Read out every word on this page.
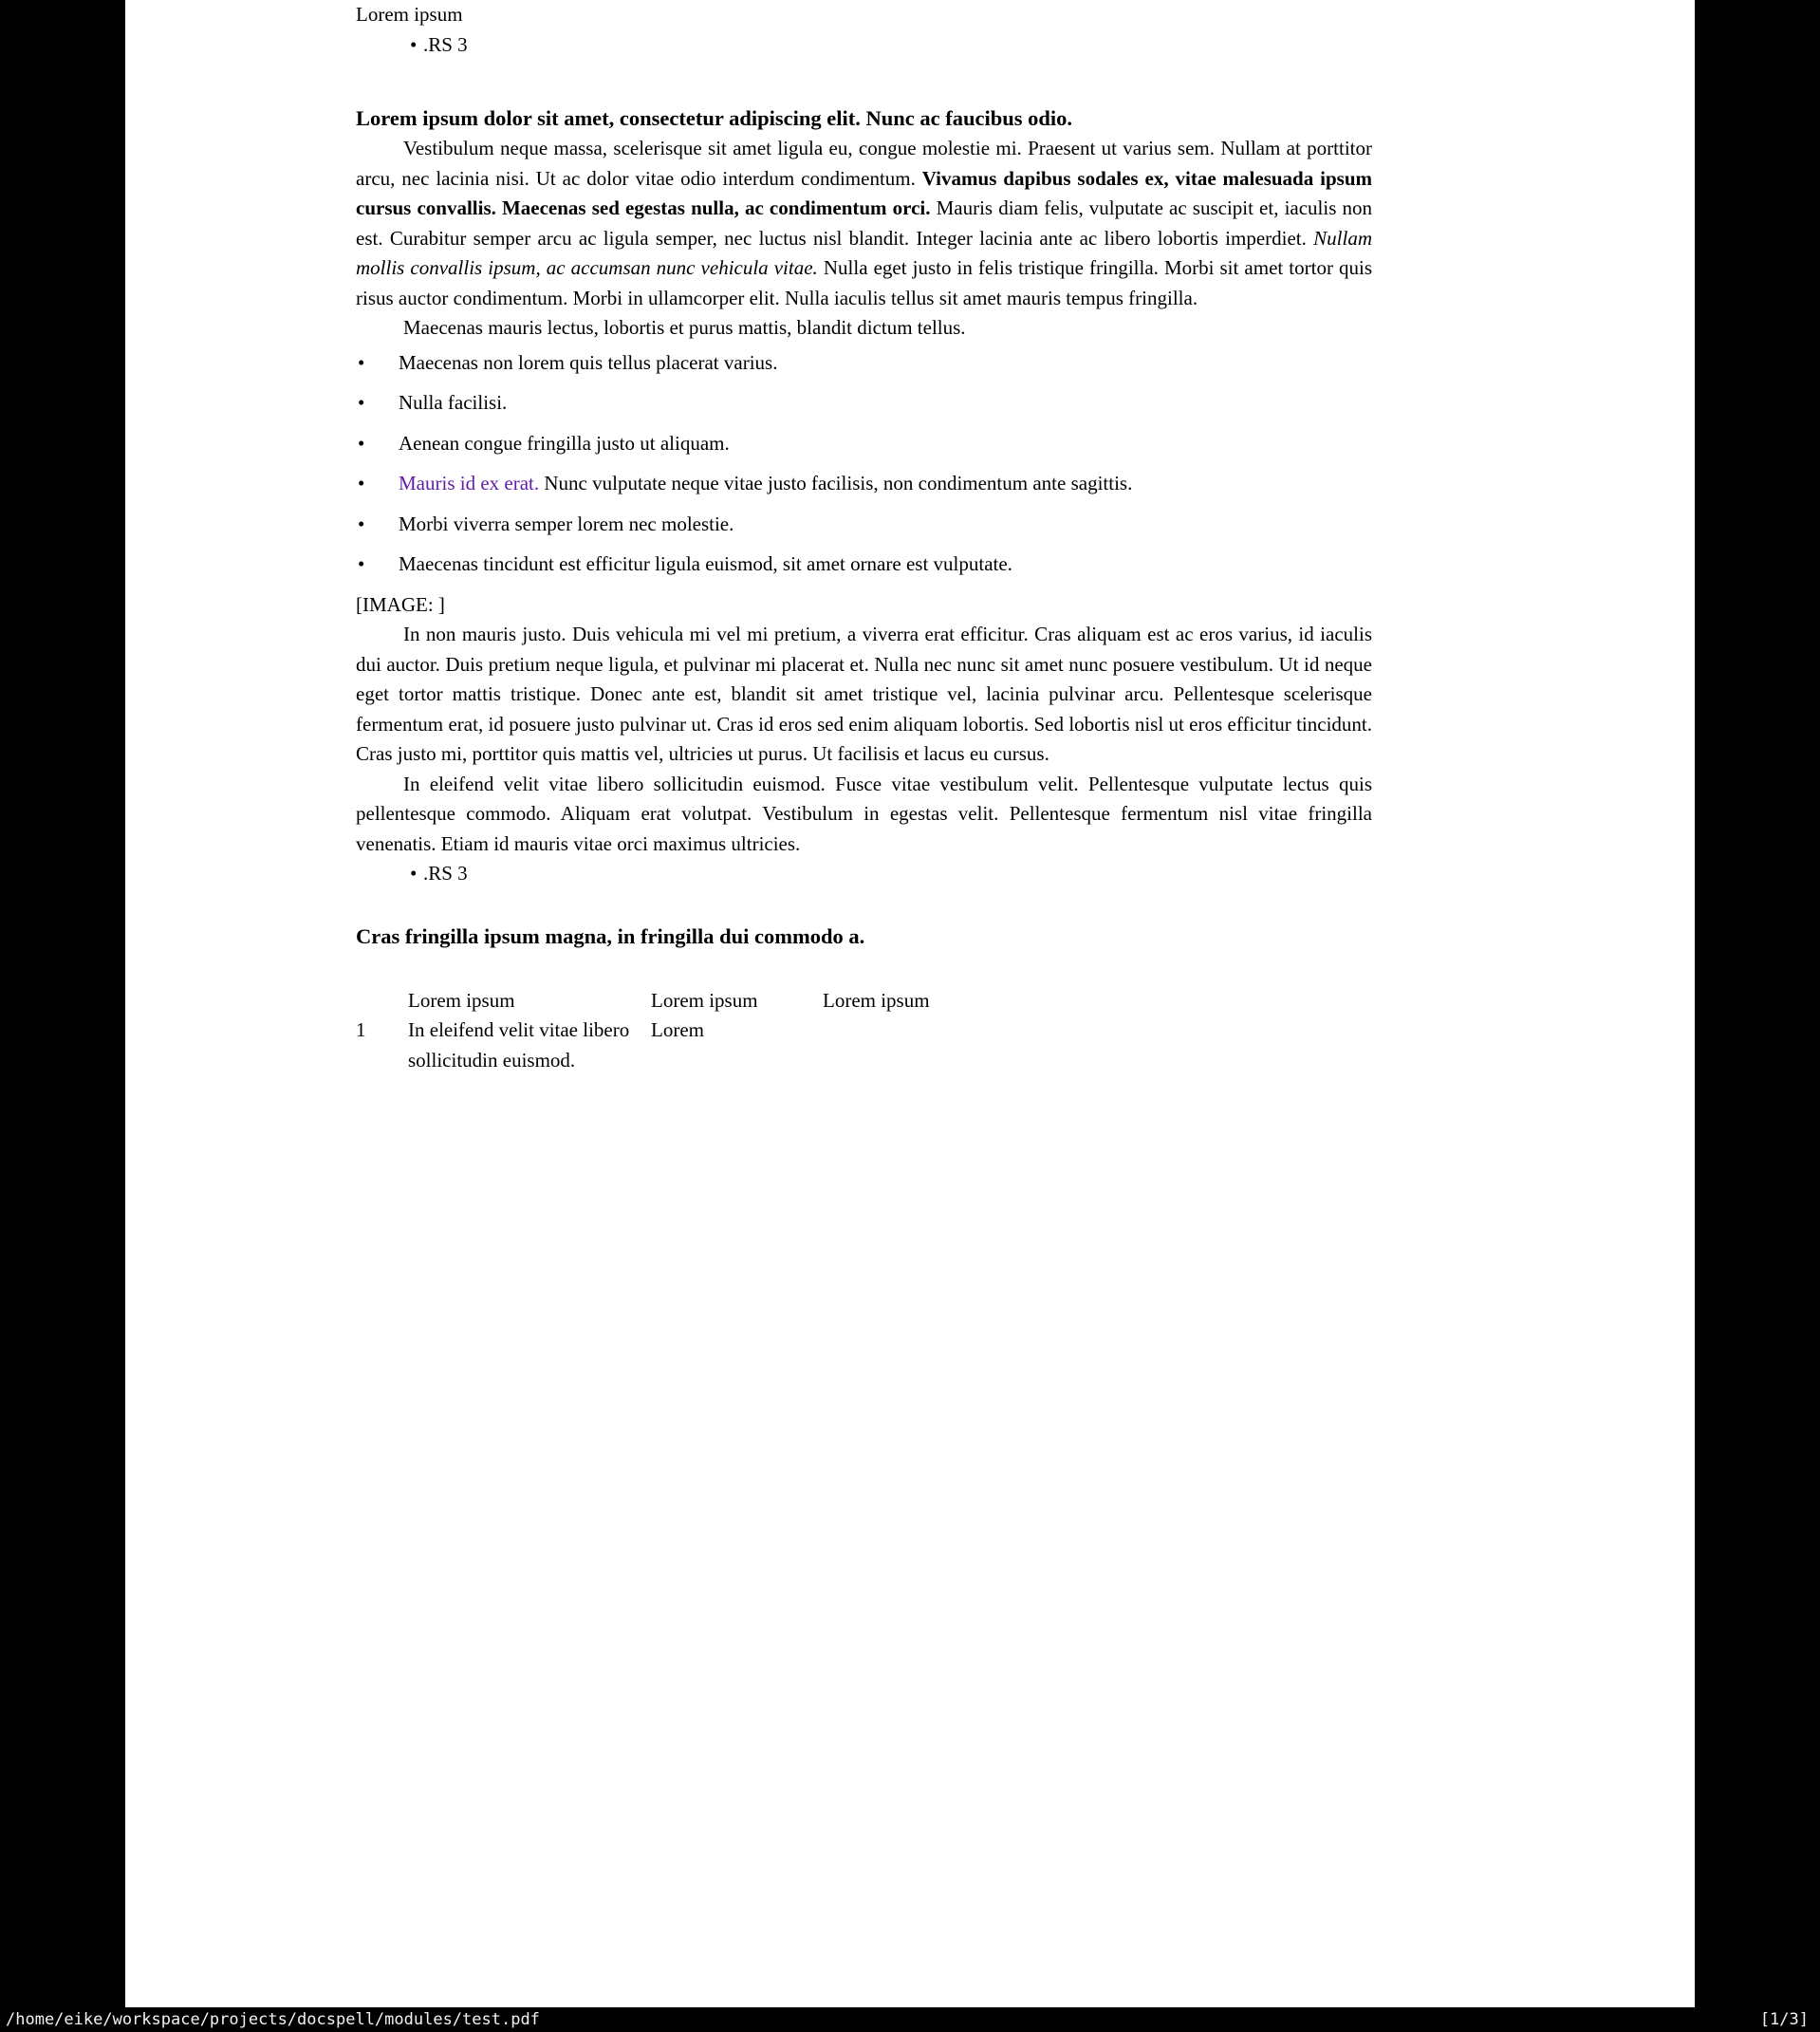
Lorem ipsum

• .RS 3

Lorem ipsum dolor sit amet, consectetur adipiscing elit. Nunc ac faucibus odio.

Vestibulum neque massa, scelerisque sit amet ligula eu, congue molestie mi. Praesent ut varius sem. Nullam at porttitor arcu, nec lacinia nisi. Ut ac dolor vitae odio interdum condimentum. Vivamus dapibus sodales ex, vitae malesuada ipsum cursus convallis. Maecenas sed egestas nulla, ac condimentum orci. Mauris diam felis, vulputate ac suscipit et, iaculis non est. Curabitur semper arcu ac ligula semper, nec luctus nisl blandit. Integer lacinia ante ac libero lobortis imperdiet. Nullam mollis convallis ipsum, ac accumsan nunc vehicula vitae. Nulla eget justo in felis tristique fringilla. Morbi sit amet tortor quis risus auctor condimentum. Morbi in ullamcorper elit. Nulla iaculis tellus sit amet mauris tempus fringilla.

Maecenas mauris lectus, lobortis et purus mattis, blandit dictum tellus.

• Maecenas non lorem quis tellus placerat varius.
• Nulla facilisi.
• Aenean congue fringilla justo ut aliquam.
• Mauris id ex erat. Nunc vulputate neque vitae justo facilisis, non condimentum ante sagittis.
• Morbi viverra semper lorem nec molestie.
• Maecenas tincidunt est efficitur ligula euismod, sit amet ornare est vulputate.

[IMAGE: ]

In non mauris justo. Duis vehicula mi vel mi pretium, a viverra erat efficitur. Cras aliquam est ac eros varius, id iaculis dui auctor. Duis pretium neque ligula, et pulvinar mi placerat et. Nulla nec nunc sit amet nunc posuere vestibulum. Ut id neque eget tortor mattis tristique. Donec ante est, blandit sit amet tristique vel, lacinia pulvinar arcu. Pellentesque scelerisque fermentum erat, id posuere justo pulvinar ut. Cras id eros sed enim aliquam lobortis. Sed lobortis nisl ut eros efficitur tincidunt. Cras justo mi, porttitor quis mattis vel, ultricies ut purus. Ut facilisis et lacus eu cursus.

In eleifend velit vitae libero sollicitudin euismod. Fusce vitae vestibulum velit. Pellentesque vulputate lectus quis pellentesque commodo. Aliquam erat volutpat. Vestibulum in egestas velit. Pellentesque fermentum nisl vitae fringilla venenatis. Etiam id mauris vitae orci maximus ultricies.

• .RS 3

Cras fringilla ipsum magna, in fringilla dui commodo a.
	Lorem ipsum	Lorem ipsum	Lorem ipsum
1	In eleifend velit vitae libero sollicitudin euismod.	Lorem	
/home/eike/workspace/projects/docspell/modules/test.pdf	[1/3]
